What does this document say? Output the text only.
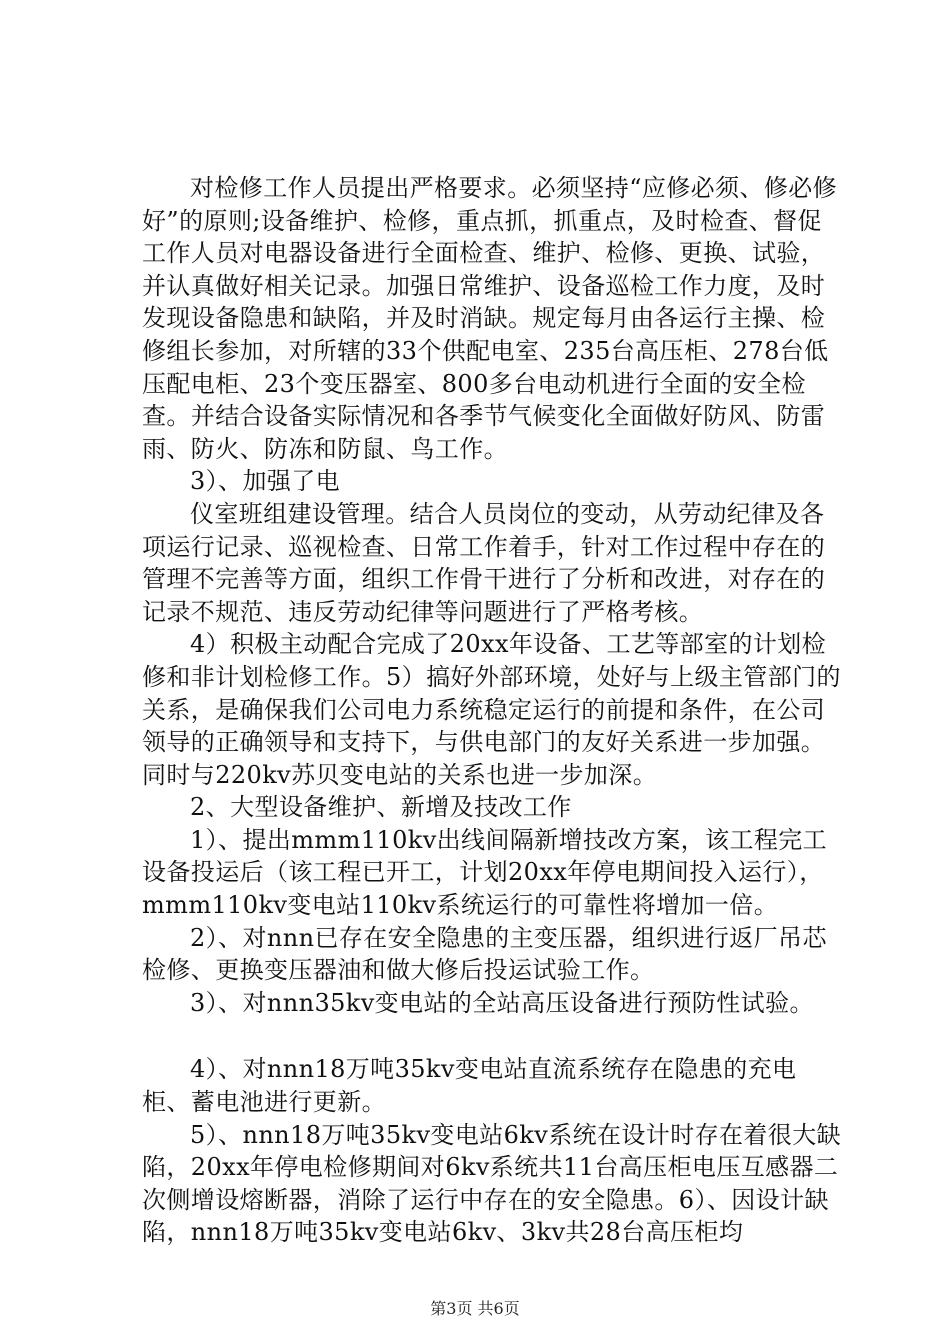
对检修工作人员提出严格要求。必须坚持“应修必须、修必修好”的原则;设备维护、检修，重点抓，抓重点，及时检查、督促工作人员对电器设备进行全面检查、维护、检修、更换、试验，并认真做好相关记录。加强日常维护、设备巡检工作力度，及时发现设备隐患和缺陷，并及时消缺。规定每月由各运行主操、检修组长参加，对所辖的33个供配电室、235台高压柜、278台低压配电柜、23个变压器室、800多台电动机进行全面的安全检查。并结合设备实际情况和各季节气候变化全面做好防风、防雷雨、防火、防冻和防鼠、鸟工作。

3）、加强了电

仪室班组建设管理。结合人员岗位的变动，从劳动纪律及各项运行记录、巡视检查、日常工作着手，针对工作过程中存在的管理不完善等方面，组织工作骨干进行了分析和改进，对存在的记录不规范、违反劳动纪律等问题进行了严格考核。

4）积极主动配合完成了20xx年设备、工艺等部室的计划检修和非计划检修工作。5）搞好外部环境，处好与上级主管部门的关系，是确保我们公司电力系统稳定运行的前提和条件，在公司领导的正确领导和支持下，与供电部门的友好关系进一步加强。同时与220kv苏贝变电站的关系也进一步加深。

2、大型设备维护、新增及技改工作

1）、提出mmm110kv出线间隔新增技改方案，该工程完工设备投运后（该工程已开工，计划20xx年停电期间投入运行），mmm110kv变电站110kv系统运行的可靠性将增加一倍。

2）、对nnn已存在安全隐患的主变压器，组织进行返厂吊芯检修、更换变压器油和做大修后投运试验工作。

3）、对nnn35kv变电站的全站高压设备进行预防性试验。

4）、对nnn18万吨35kv变电站直流系统存在隐患的充电柜、蓄电池进行更新。

5）、nnn18万吨35kv变电站6kv系统在设计时存在着很大缺陷，20xx年停电检修期间对6kv系统共11台高压柜电压互感器二次侧增设熔断器，消除了运行中存在的安全隐患。6）、因设计缺陷，nnn18万吨35kv变电站6kv、3kv共28台高压柜均

第3页 共6页
